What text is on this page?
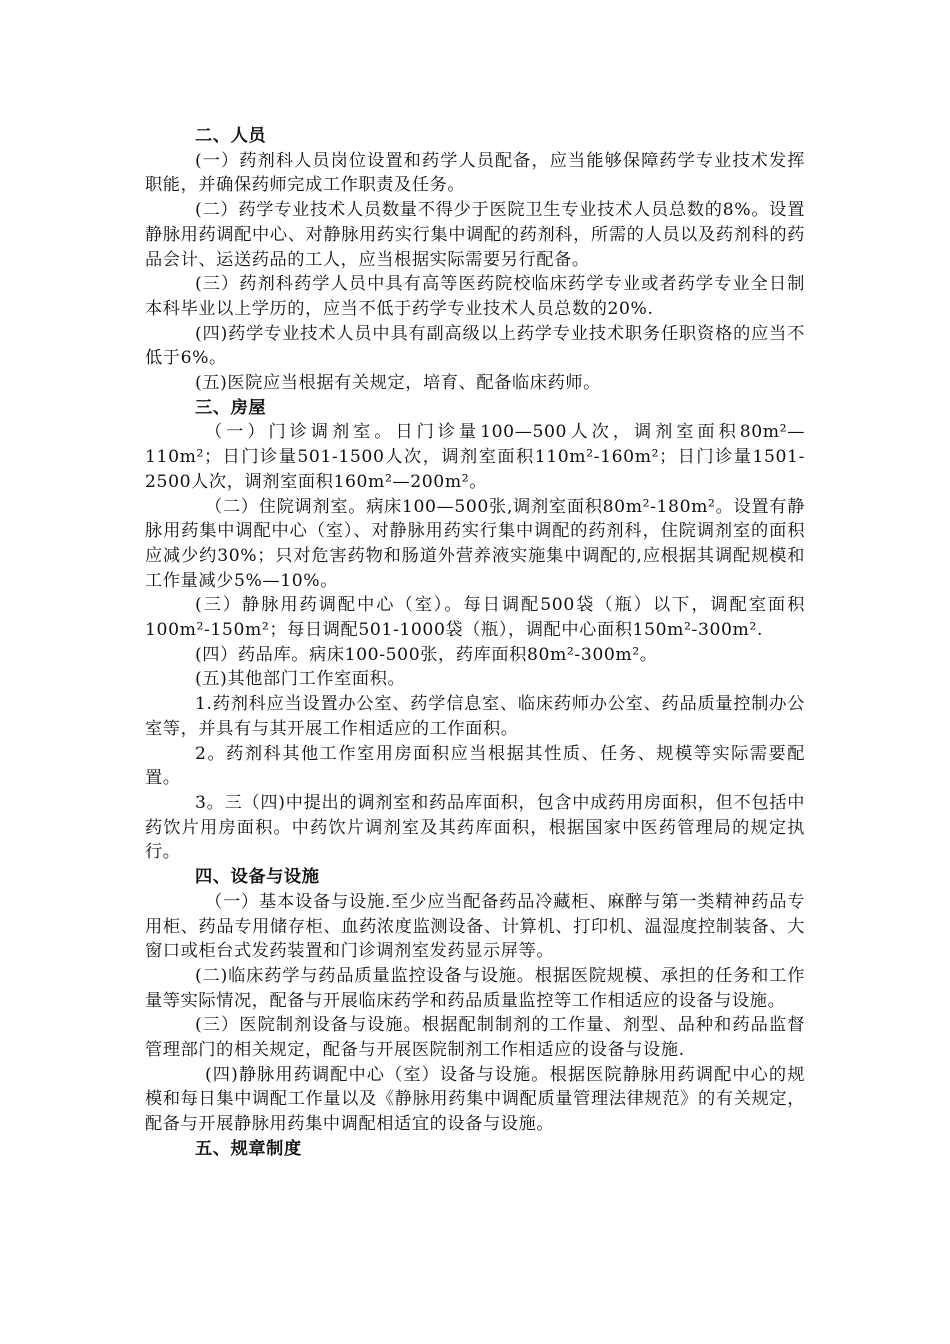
二、人员

(一）药剂科人员岗位设置和药学人员配备，应当能够保障药学专业技术发挥职能，并确保药师完成工作职责及任务。

(二）药学专业技术人员数量不得少于医院卫生专业技术人员总数的8%。设置静脉用药调配中心、对静脉用药实行集中调配的药剂科，所需的人员以及药剂科的药品会计、运送药品的工人，应当根据实际需要另行配备。

(三）药剂科药学人员中具有高等医药院校临床药学专业或者药学专业全日制本科毕业以上学历的，应当不低于药学专业技术人员总数的20%.

(四)药学专业技术人员中具有副高级以上药学专业技术职务任职资格的应当不低于6%。

(五)医院应当根据有关规定，培育、配备临床药师。

三、房屋

（一）门诊调剂室。日门诊量100—500人次，调剂室面积80m²—110m²；日门诊量501-1500人次，调剂室面积110m²-160m²；日门诊量1501-2500人次，调剂室面积160m²—200m²。

（二）住院调剂室。病床100—500张,调剂室面积80m²-180m²。设置有静脉用药集中调配中心（室）、对静脉用药实行集中调配的药剂科，住院调剂室的面积应减少约30%；只对危害药物和肠道外营养液实施集中调配的,应根据其调配规模和工作量减少5%—10%。

(三）静脉用药调配中心（室）。每日调配500袋（瓶）以下，调配室面积100m²-150m²；每日调配501-1000袋（瓶），调配中心面积150m²-300m².

(四）药品库。病床100-500张，药库面积80m²-300m²。

(五)其他部门工作室面积。

1.药剂科应当设置办公室、药学信息室、临床药师办公室、药品质量控制办公室等，并具有与其开展工作相适应的工作面积。

2。药剂科其他工作室用房面积应当根据其性质、任务、规模等实际需要配置。

3。三（四)中提出的调剂室和药品库面积，包含中成药用房面积，但不包括中药饮片用房面积。中药饮片调剂室及其药库面积，根据国家中医药管理局的规定执行。

四、设备与设施

（一）基本设备与设施.至少应当配备药品冷藏柜、麻醉与第一类精神药品专用柜、药品专用储存柜、血药浓度监测设备、计算机、打印机、温湿度控制装备、大窗口或柜台式发药装置和门诊调剂室发药显示屏等。

(二)临床药学与药品质量监控设备与设施。根据医院规模、承担的任务和工作量等实际情况，配备与开展临床药学和药品质量监控等工作相适应的设备与设施。

(三）医院制剂设备与设施。根据配制制剂的工作量、剂型、品种和药品监督管理部门的相关规定，配备与开展医院制剂工作相适应的设备与设施.

(四)静脉用药调配中心（室）设备与设施。根据医院静脉用药调配中心的规模和每日集中调配工作量以及《静脉用药集中调配质量管理法律规范》的有关规定，配备与开展静脉用药集中调配相适宜的设备与设施。

五、规章制度
